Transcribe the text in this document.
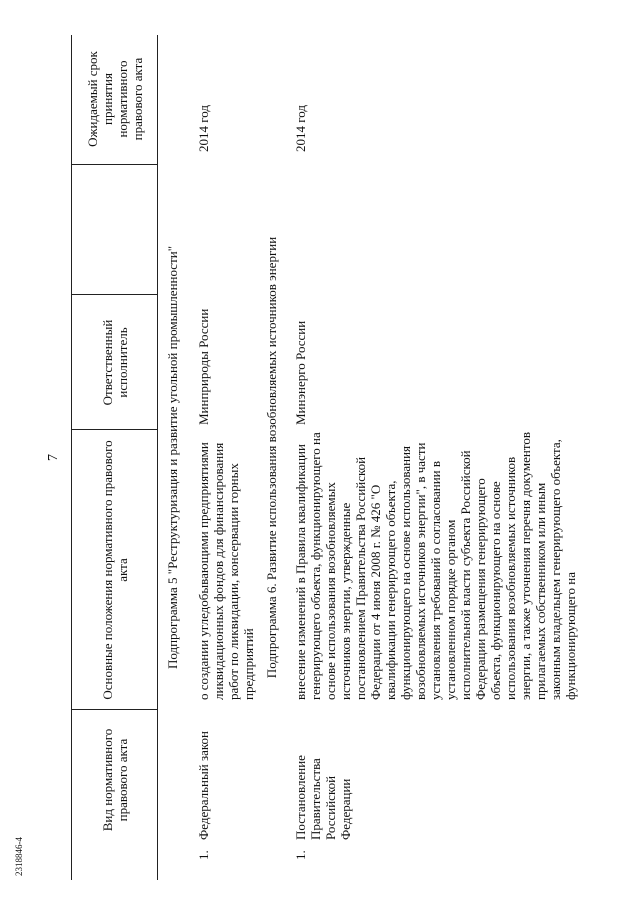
2318846-4
7
Вид нормативного правового акта
Основные положения нормативного правового акта
Ответственный исполнитель
Ожидаемый срок принятия нормативного правового акта
Подпрограмма 5 "Реструктуризация и развитие угольной промышленности"
1.
Федеральный закон
о создании угледобывающими предприятиями ликвидационных фондов для финансирования работ по ликвидации, консервации горных предприятий
Минприроды России
2014 год
Подпрограмма 6. Развитие использования возобновляемых источников энергии
1.
Постановление Правительства Российской Федерации
внесение изменений в Правила квалификации генерирующего объекта, функционирующего на основе использования возобновляемых источников энергии, утвержденные постановлением Правительства Российской Федерации от 4 июня 2008 г. № 426 "О квалификации генерирующего объекта, функционирующего на основе использования возобновляемых источников энергии", в части установления требований о согласовании в установленном порядке органом исполнительной власти субъекта Российской Федерации размещения генерирующего объекта, функционирующего на основе использования возобновляемых источников энергии, а также уточнения перечня документов прилагаемых собственником или иным законным владельцем генерирующего объекта, функционирующего на
Минэнерго России
2014 год
